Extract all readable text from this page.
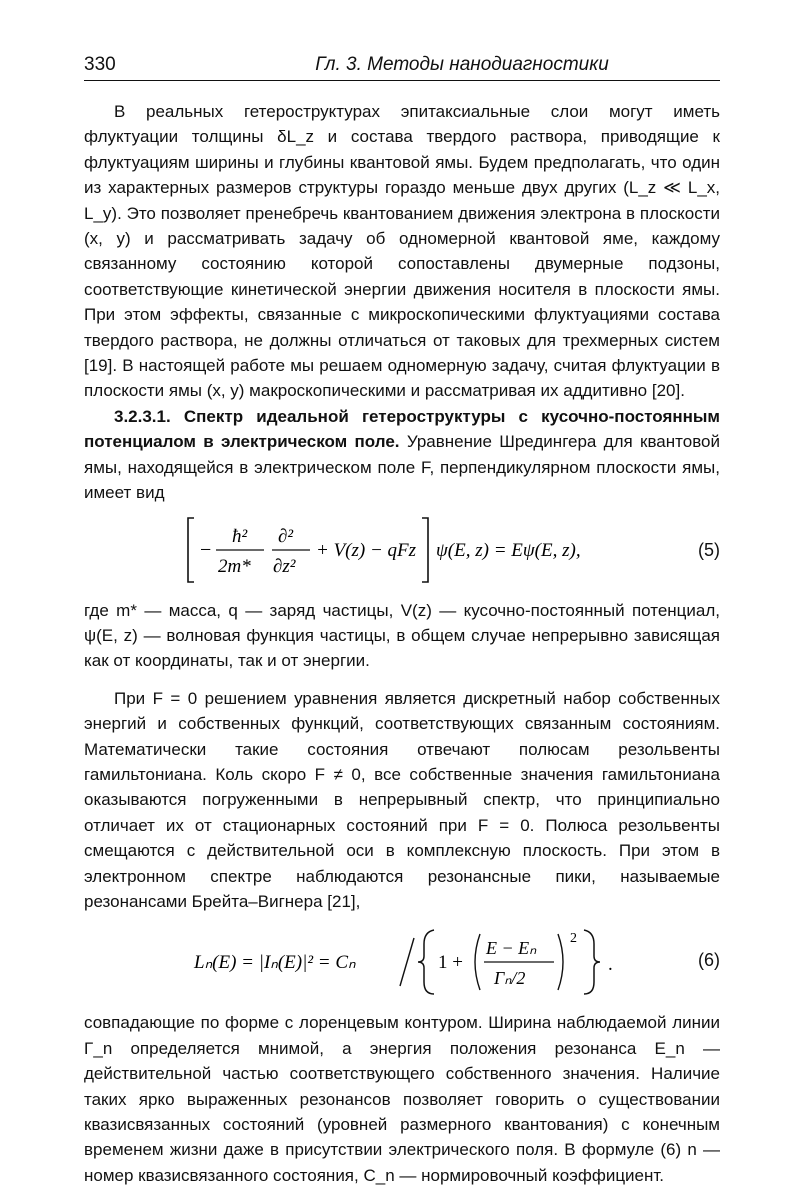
330	Гл. 3. Методы нанодиагностики

В реальных гетероструктурах эпитаксиальные слои могут иметь флуктуации толщины δL_z и состава твердого раствора, приводящие к флуктуациям ширины и глубины квантовой ямы. Будем предполагать, что один из характерных размеров структуры гораздо меньше двух других (L_z ≪ L_x, L_y). Это позволяет пренебречь квантованием движения электрона в плоскости (x, y) и рассматривать задачу об одномерной квантовой яме, каждому связанному состоянию которой сопоставлены двумерные подзоны, соответствующие кинетической энергии движения носителя в плоскости ямы. При этом эффекты, связанные с микроскопическими флуктуациями состава твердого раствора, не должны отличаться от таковых для трехмерных систем [19]. В настоящей работе мы решаем одномерную задачу, считая флуктуации в плоскости ямы (x, y) макроскопическими и рассматривая их аддитивно [20].

3.2.3.1. Спектр идеальной гетероструктуры с кусочно-постоянным потенциалом в электрическом поле. Уравнение Шредингера для квантовой ямы, находящейся в электрическом поле F, перпендикулярном плоскости ямы, имеет вид

−
ħ²
2m*
∂²
∂z²
+ V(z) − qFz ψ(E, z) = Eψ(E, z),	(5)

где m* — масса, q — заряд частицы, V(z) — кусочно-постоянный потенциал, ψ(E, z) — волновая функция частицы, в общем случае непрерывно зависящая как от координаты, так и от энергии.

При F = 0 решением уравнения является дискретный набор собственных энергий и собственных функций, соответствующих связанным состояниям. Математически такие состояния отвечают полюсам резольвенты гамильтониана. Коль скоро F ≠ 0, все собственные значения гамильтониана оказываются погруженными в непрерывный спектр, что принципиально отличает их от стационарных состояний при F = 0. Полюса резольвенты смещаются с действительной оси в комплексную плоскость. При этом в электронном спектре наблюдаются резонансные пики, называемые резонансами Брейта–Вигнера [21],

Lₙ(E) = |Iₙ(E)|² = Cₙ	1 +
E − Eₙ
Γₙ/2
2
.	(6)

совпадающие по форме с лоренцевым контуром. Ширина наблюдаемой линии Γ_n определяется мнимой, а энергия положения резонанса E_n — действительной частью соответствующего собственного значения. Наличие таких ярко выраженных резонансов позволяет говорить о существовании квазисвязанных состояний (уровней размерного квантования) с конечным временем жизни даже в присутствии электрического поля. В формуле (6) n — номер квазисвязанного состояния, C_n — нормировочный коэффициент.
